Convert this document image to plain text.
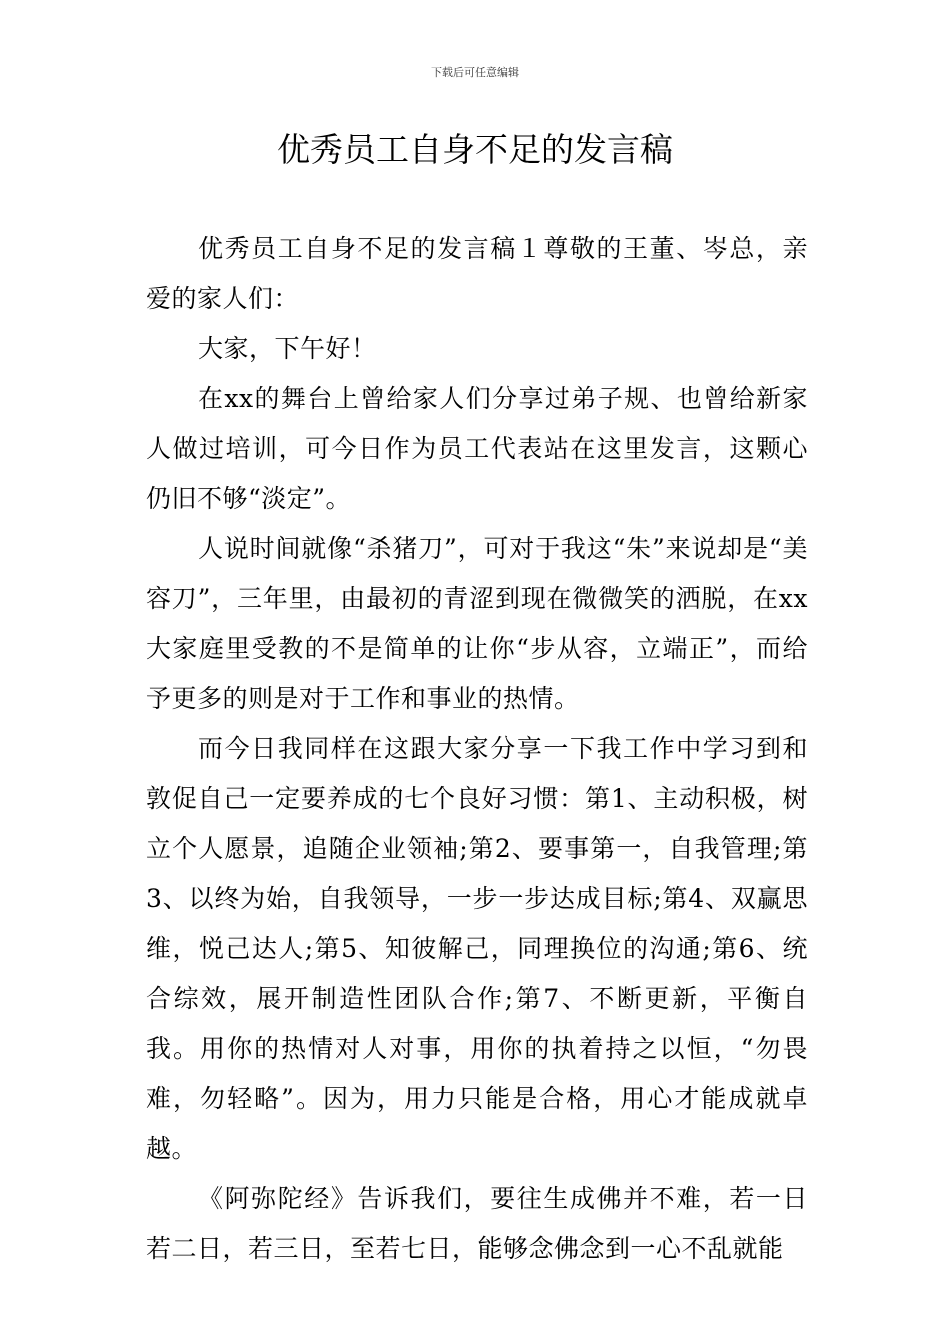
下载后可任意编辑
优秀员工自身不足的发言稿

优秀员工自身不足的发言稿１尊敬的王董、岑总，亲爱的家人们：

大家，下午好！

在xx的舞台上曾给家人们分享过弟子规、也曾给新家人做过培训，可今日作为员工代表站在这里发言，这颗心仍旧不够“淡定”。

人说时间就像“杀猪刀”，可对于我这“朱”来说却是“美容刀”，三年里，由最初的青涩到现在微微笑的洒脱，在xx大家庭里受教的不是简单的让你“步从容，立端正”，而给予更多的则是对于工作和事业的热情。

而今日我同样在这跟大家分享一下我工作中学习到和敦促自己一定要养成的七个良好习惯：第1、主动积极，树立个人愿景，追随企业领袖;第2、要事第一，自我管理;第3、以终为始，自我领导，一步一步达成目标;第4、双赢思维，悦己达人;第5、知彼解己，同理换位的沟通;第6、统合综效，展开制造性团队合作;第7、不断更新，平衡自我。用你的热情对人对事，用你的执着持之以恒，“勿畏难，勿轻略”。因为，用力只能是合格，用心才能成就卓越。

《阿弥陀经》告诉我们，要往生成佛并不难，若一日若二日，若三日，至若七日，能够念佛念到一心不乱就能
